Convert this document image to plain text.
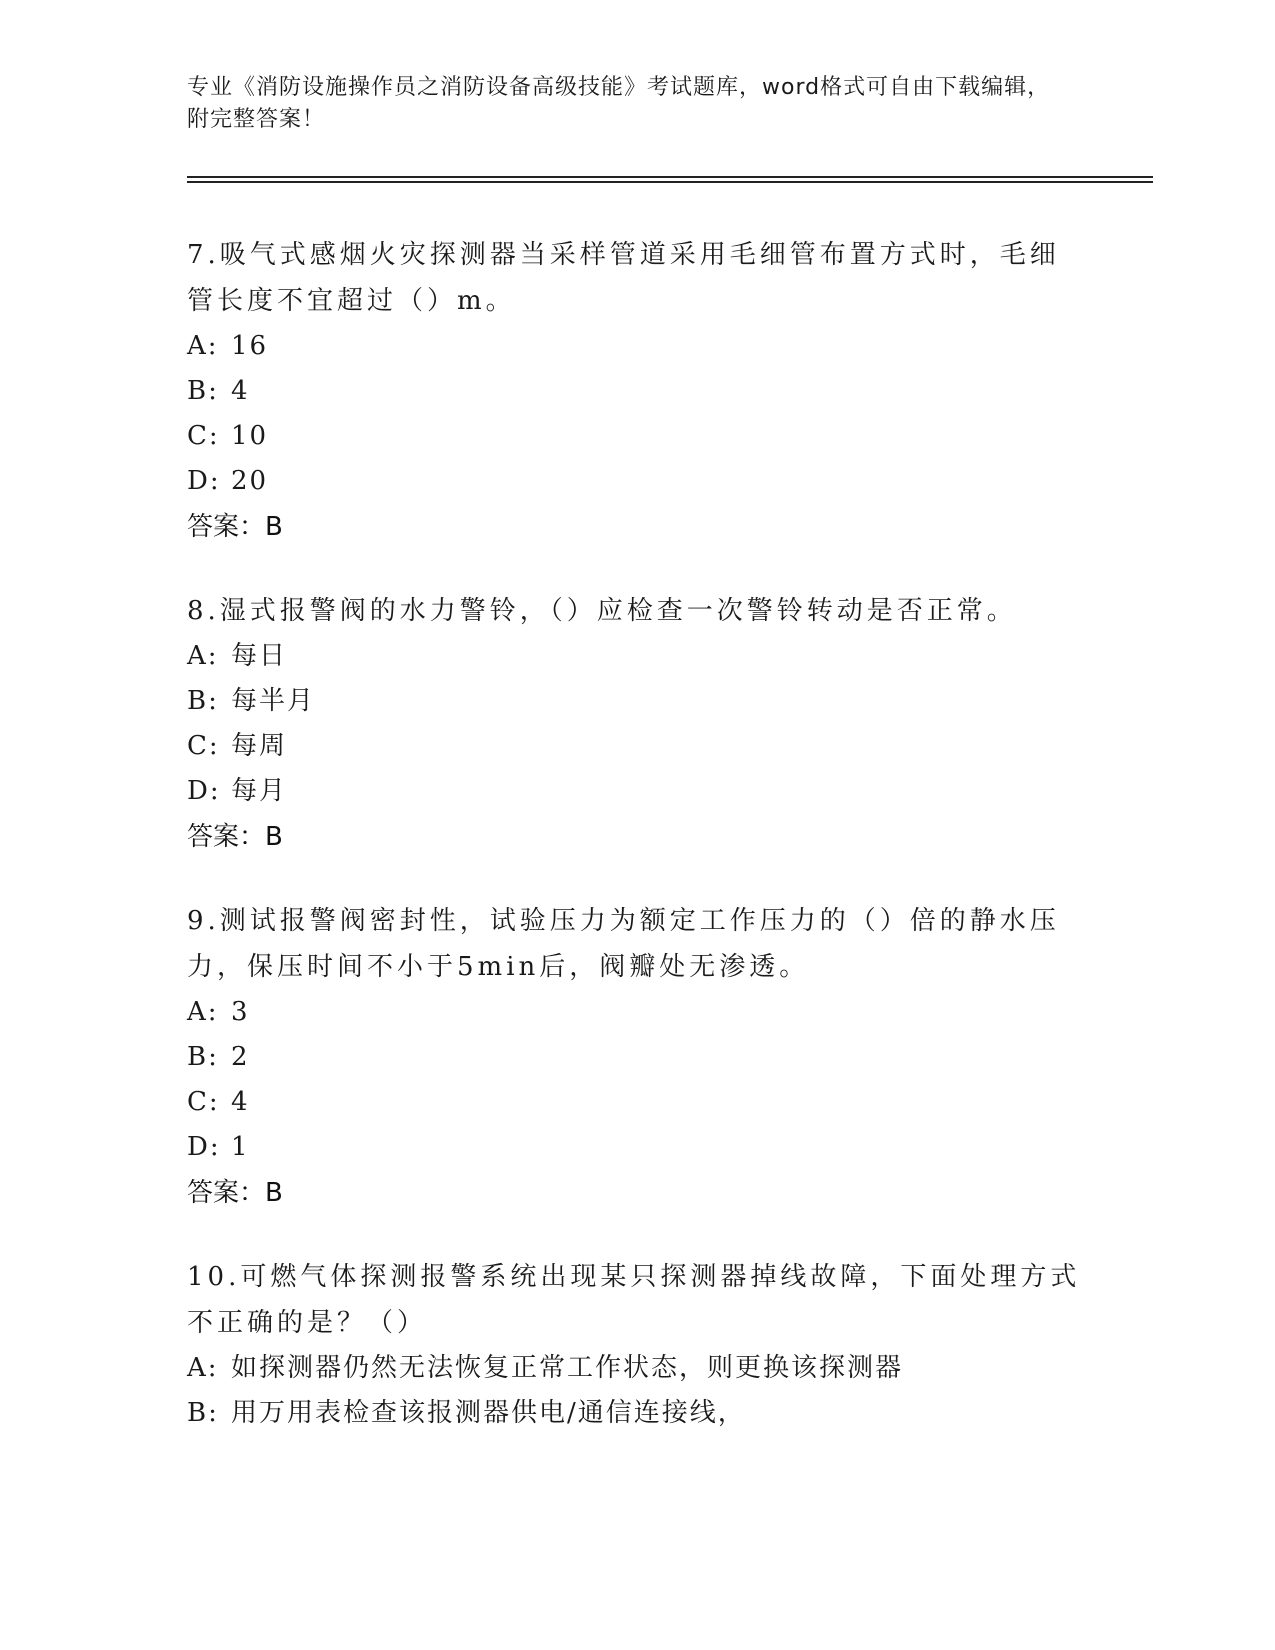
专业《消防设施操作员之消防设备高级技能》考试题库，word格式可自由下载编辑，附完整答案！

7.吸气式感烟火灾探测器当采样管道采用毛细管布置方式时，毛细管长度不宜超过（）m。

A: 16

B: 4

C: 10

D: 20

答案：B

8.湿式报警阀的水力警铃，（）应检查一次警铃转动是否正常。

A: 每日

B: 每半月

C: 每周

D: 每月

答案：B

9.测试报警阀密封性，试验压力为额定工作压力的（）倍的静水压力，保压时间不小于5min后，阀瓣处无渗透。

A: 3

B: 2

C: 4

D: 1

答案：B

10.可燃气体探测报警系统出现某只探测器掉线故障，下面处理方式不正确的是？（）

A: 如探测器仍然无法恢复正常工作状态，则更换该探测器

B: 用万用表检查该报测器供电/通信连接线，
